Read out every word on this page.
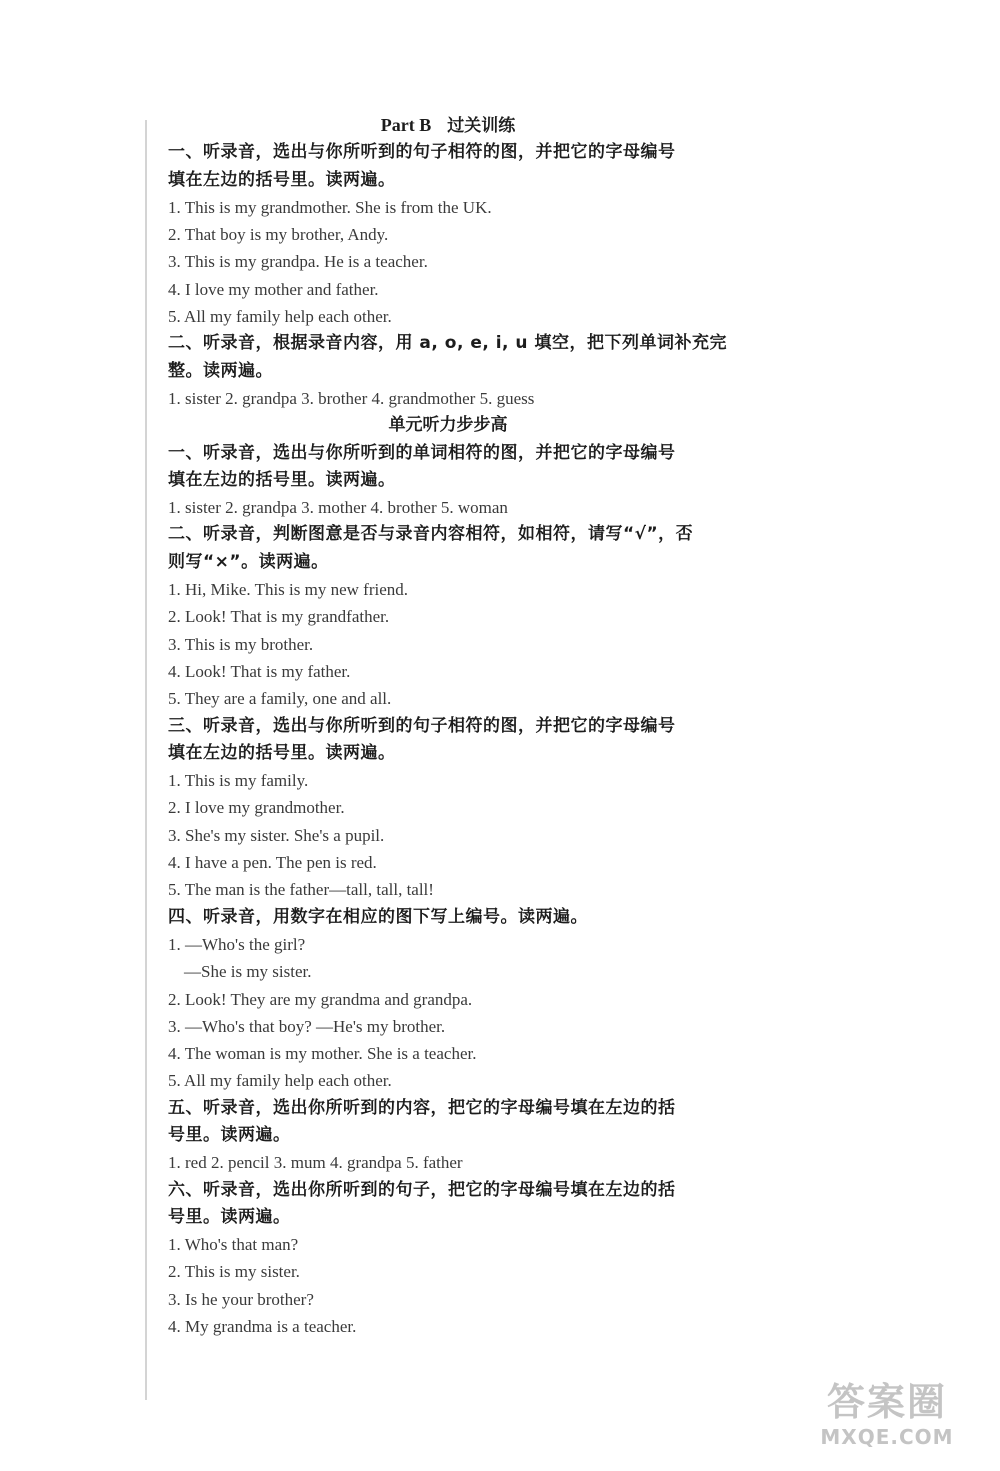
Part B 过关训练
一、听录音，选出与你所听到的句子相符的图，并把它的字母编号
填在左边的括号里。读两遍。
1. This is my grandmother. She is from the UK.
2. That boy is my brother, Andy.
3. This is my grandpa. He is a teacher.
4. I love my mother and father.
5. All my family help each other.
二、听录音，根据录音内容，用 a, o, e, i, u 填空，把下列单词补充完
整。读两遍。
1. sister 2. grandpa 3. brother 4. grandmother 5. guess
单元听力步步高
一、听录音，选出与你所听到的单词相符的图，并把它的字母编号
填在左边的括号里。读两遍。
1. sister 2. grandpa 3. mother 4. brother 5. woman
二、听录音，判断图意是否与录音内容相符，如相符，请写“√”，否
则写“×”。读两遍。
1. Hi, Mike. This is my new friend.
2. Look! That is my grandfather.
3. This is my brother.
4. Look! That is my father.
5. They are a family, one and all.
三、听录音，选出与你所听到的句子相符的图，并把它的字母编号
填在左边的括号里。读两遍。
1. This is my family.
2. I love my grandmother.
3. She's my sister. She's a pupil.
4. I have a pen. The pen is red.
5. The man is the father—tall, tall, tall!
四、听录音，用数字在相应的图下写上编号。读两遍。
1. —Who's the girl?
—She is my sister.
2. Look! They are my grandma and grandpa.
3. —Who's that boy? —He's my brother.
4. The woman is my mother. She is a teacher.
5. All my family help each other.
五、听录音，选出你所听到的内容，把它的字母编号填在左边的括
号里。读两遍。
1. red 2. pencil 3. mum 4. grandpa 5. father
六、听录音，选出你所听到的句子，把它的字母编号填在左边的括
号里。读两遍。
1. Who's that man?
2. This is my sister.
3. Is he your brother?
4. My grandma is a teacher.
答案圈
MXQE.COM
